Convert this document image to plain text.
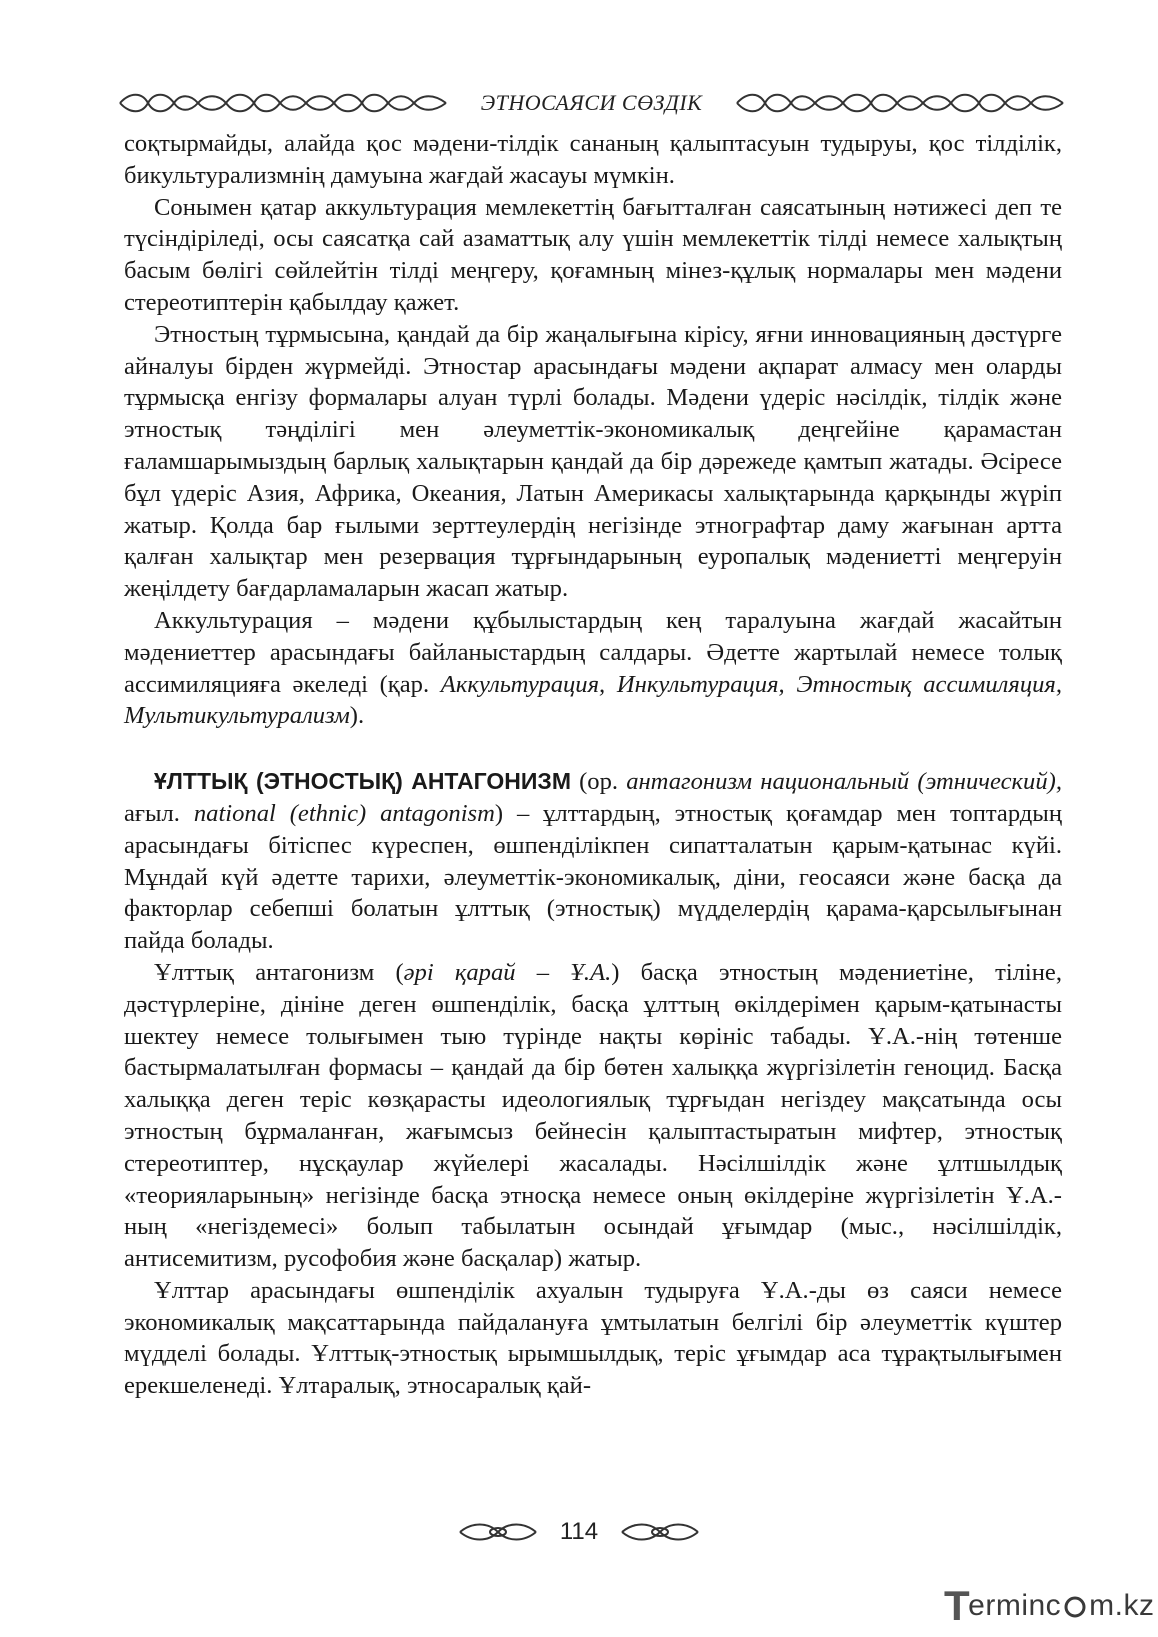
ЭТНОСАЯСИ СӨЗДІК

соқтырмайды, алайда қос мәдени-тілдік сананың қалыптасуын тудыруы, қос тілділік, бикультурализмнің дамуына жағдай жасауы мүмкін.

Сонымен қатар аккультурация мемлекеттің бағытталған саясатының нәтижесі деп те түсіндіріледі, осы саясатқа сай азаматтық алу үшін мемлекеттік тілді немесе халықтың басым бөлігі сөйлейтін тілді меңгеру, қоғамның мінез-құлық нормалары мен мәдени стереотиптерін қабылдау қажет.

Этностың тұрмысына, қандай да бір жаңалығына кірісу, яғни инновацияның дәстүрге айналуы бірден жүрмейді. Этностар арасындағы мәдени ақпарат алмасу мен оларды тұрмысқа енгізу формалары алуан түрлі болады. Мәдени үдеріс нәсілдік, тілдік және этностық тәңділігі мен әлеуметтік-экономикалық деңгейіне қарамастан ғаламшарымыздың барлық халықтарын қандай да бір дәрежеде қамтып жатады. Әсіресе бұл үдеріс Азия, Африка, Океания, Латын Америкасы халықтарында қарқынды жүріп жатыр. Қолда бар ғылыми зерттеулердің негізінде этнографтар даму жағынан артта қалған халықтар мен резервация тұрғындарының еуропалық мәдениетті меңгеруін жеңілдету бағдарламаларын жасап жатыр.

Аккультурация – мәдени құбылыстардың кең таралуына жағдай жасайтын мәдениеттер арасындағы байланыстардың салдары. Әдетте жартылай немесе толық ассимиляцияға әкеледі (қар. Аккультурация, Инкультурация, Этностық ассимиляция, Мультикультурализм).

ҰЛТТЫҚ (ЭТНОСТЫҚ) АНТАГОНИЗМ (ор. антагонизм национальный (этнический), ағыл. national (ethnic) antagonism) – ұлттардың, этностық қоғамдар мен топтардың арасындағы бітіспес күреспен, өшпенділікпен сипатталатын қарым-қатынас күйі. Мұндай күй әдетте тарихи, әлеуметтік-экономикалық, діни, геосаяси және басқа да факторлар себепші болатын ұлттық (этностық) мүдделердің қарама-қарсылығынан пайда болады.

Ұлттық антагонизм (әрі қарай – Ұ.А.) басқа этностың мәдениетіне, тіліне, дәстүрлеріне, дініне деген өшпенділік, басқа ұлттың өкілдерімен қарым-қатынасты шектеу немесе толығымен тыю түрінде нақты көрініс табады. Ұ.А.-нің төтенше бастырмалатылған формасы – қандай да бір бөтен халыққа жүргізілетін геноцид. Басқа халыққа деген теріс көзқарасты идеологиялық тұрғыдан негіздеу мақсатында осы этностың бұрмаланған, жағымсыз бейнесін қалыптастыратын мифтер, этностық стереотиптер, нұсқаулар жүйелері жасалады. Нәсілшілдік және ұлтшылдық «теорияларының» негізінде басқа этносқа немесе оның өкілдеріне жүргізілетін Ұ.А.-ның «негіздемесі» болып табылатын осындай ұғымдар (мыс., нәсілшілдік, антисемитизм, русофобия және басқалар) жатыр.

Ұлттар арасындағы өшпенділік ахуалын тудыруға Ұ.А.-ды өз саяси немесе экономикалық мақсаттарында пайдалануға ұмтылатын белгілі бір әлеуметтік күштер мүдделі болады. Ұлттық-этностық ырымшылдық, теріс ұғымдар аса тұрақтылығымен ерекшеленеді. Ұлтаралық, этносаралық қай-

114
T
ermin c m.kz
